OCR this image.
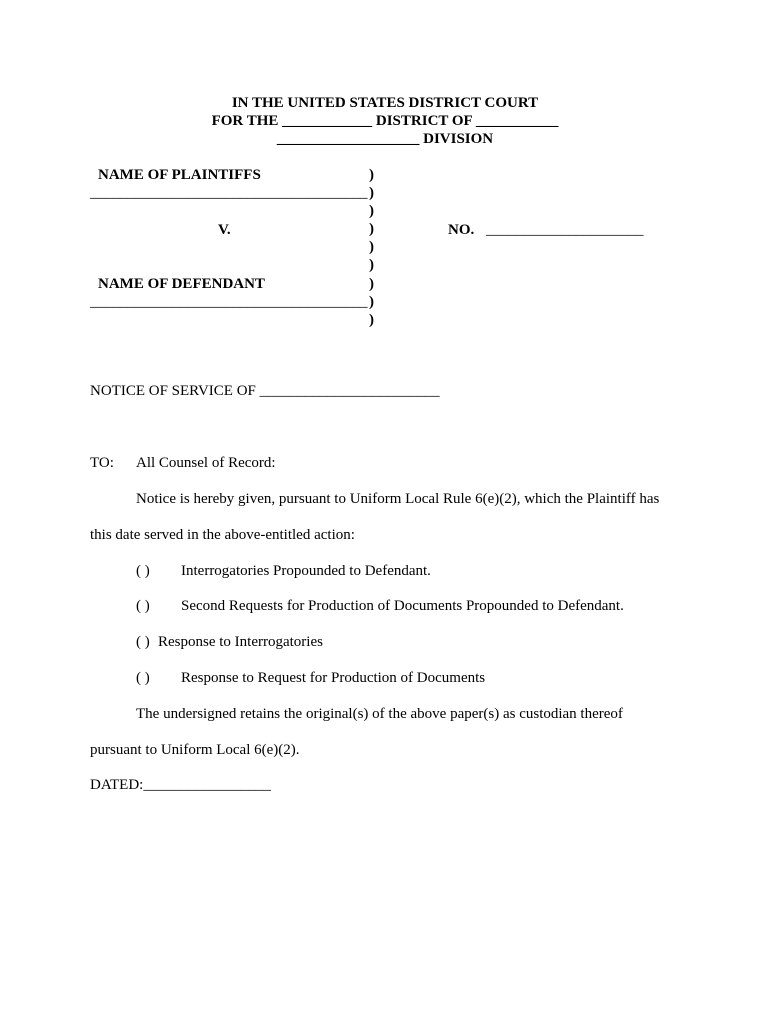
IN THE UNITED STATES DISTRICT COURT
FOR THE ____________ DISTRICT OF ___________
___________________ DIVISION
NAME OF PLAINTIFFS
_____________________________________
V.
NAME OF DEFENDANT
_____________________________________
)
)
)
)
)
)
)
)
)
NO. _____________________
NOTICE OF SERVICE OF ________________________
TO: All Counsel of Record:
Notice is hereby given, pursuant to Uniform Local Rule 6(e)(2), which the Plaintiff has
this date served in the above-entitled action:
( ) Interrogatories Propounded to Defendant.
( ) Second Requests for Production of Documents Propounded to Defendant.
( ) Response to Interrogatories
( ) Response to Request for Production of Documents
The undersigned retains the original(s) of the above paper(s) as custodian thereof
pursuant to Uniform Local 6(e)(2).
DATED:_________________
